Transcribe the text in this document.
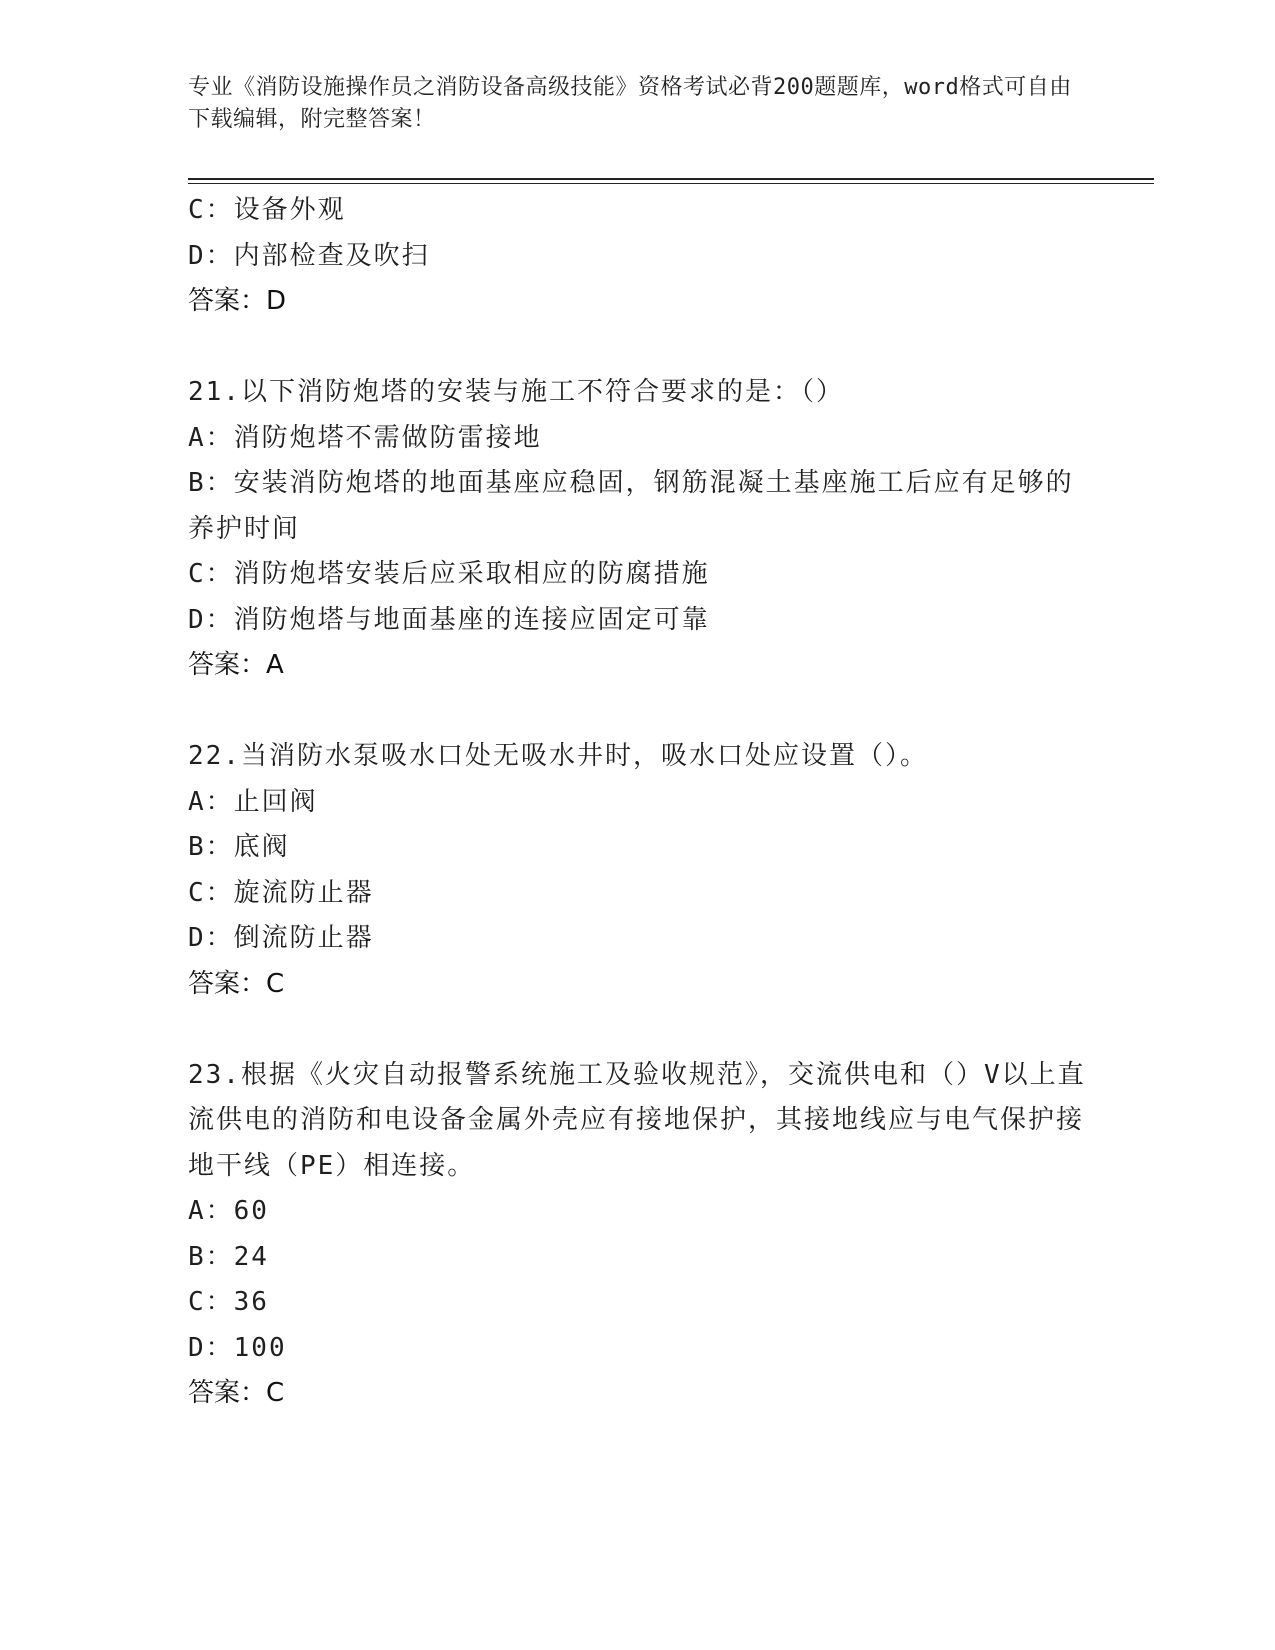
专业《消防设施操作员之消防设备高级技能》资格考试必背200题题库，word格式可自由下载编辑，附完整答案！
C：设备外观
D：内部检查及吹扫
答案：D
21.以下消防炮塔的安装与施工不符合要求的是：（）
A：消防炮塔不需做防雷接地
B：安装消防炮塔的地面基座应稳固，钢筋混凝土基座施工后应有足够的养护时间
C：消防炮塔安装后应采取相应的防腐措施
D：消防炮塔与地面基座的连接应固定可靠
答案：A
22.当消防水泵吸水口处无吸水井时，吸水口处应设置（）。
A：止回阀
B：底阀
C：旋流防止器
D：倒流防止器
答案：C
23.根据《火灾自动报警系统施工及验收规范》，交流供电和（）V以上直流供电的消防和电设备金属外壳应有接地保护，其接地线应与电气保护接地干线（PE）相连接。
A：60
B：24
C：36
D：100
答案：C
